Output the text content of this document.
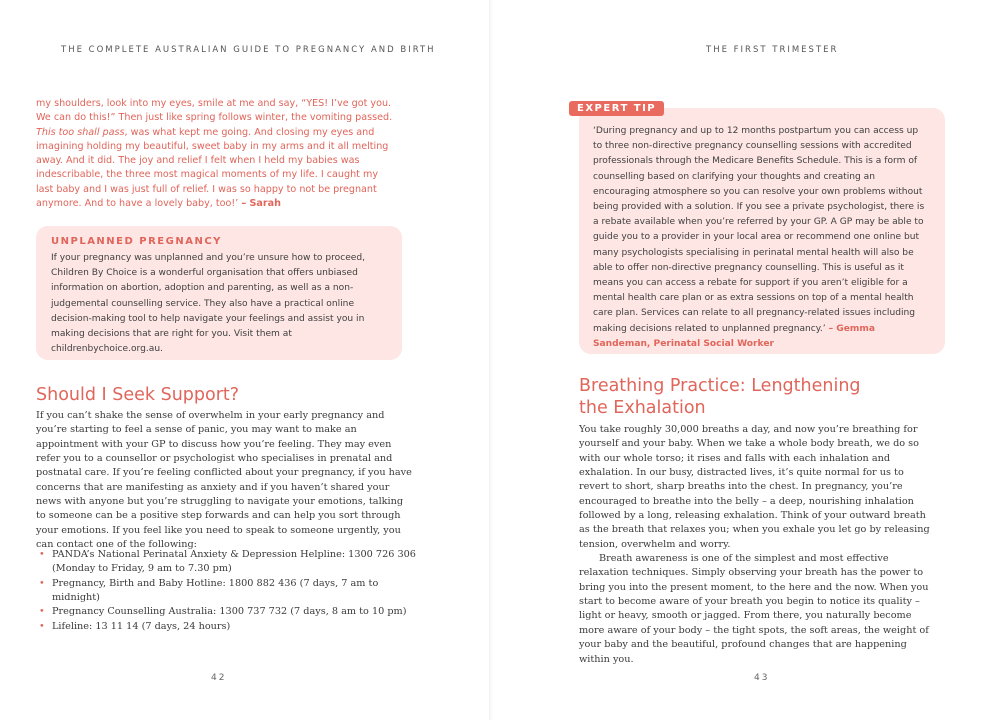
THE COMPLETE AUSTRALIAN GUIDE TO PREGNANCY AND BIRTH

my shoulders, look into my eyes, smile at me and say, “YES! I’ve got you. We can do this!” Then just like spring follows winter, the vomiting passed. This too shall pass, was what kept me going. And closing my eyes and imagining holding my beautiful, sweet baby in my arms and it all melting away. And it did. The joy and relief I felt when I held my babies was indescribable, the three most magical moments of my life. I caught my last baby and I was just full of relief. I was so happy to not be pregnant anymore. And to have a lovely baby, too!’ – Sarah

UNPLANNED PREGNANCY

If your pregnancy was unplanned and you’re unsure how to proceed, Children By Choice is a wonderful organisation that offers unbiased information on abortion, adoption and parenting, as well as a non-judgemental counselling service. They also have a practical online decision-making tool to help navigate your feelings and assist you in making decisions that are right for you. Visit them at childrenbychoice.org.au.

Should I Seek Support?

If you can’t shake the sense of overwhelm in your early pregnancy and you’re starting to feel a sense of panic, you may want to make an appointment with your GP to discuss how you’re feeling. They may even refer you to a counsellor or psychologist who specialises in prenatal and postnatal care. If you’re feeling conflicted about your pregnancy, if you have concerns that are manifesting as anxiety and if you haven’t shared your news with anyone but you’re struggling to navigate your emotions, talking to someone can be a positive step forwards and can help you sort through your emotions. If you feel like you need to speak to someone urgently, you can contact one of the following:

• PANDA’s National Perinatal Anxiety & Depression Helpline: 1300 726 306 (Monday to Friday, 9 am to 7.30 pm)
• Pregnancy, Birth and Baby Hotline: 1800 882 436 (7 days, 7 am to midnight)
• Pregnancy Counselling Australia: 1300 737 732 (7 days, 8 am to 10 pm)
• Lifeline: 13 11 14 (7 days, 24 hours)
42
THE FIRST TRIMESTER

‘During pregnancy and up to 12 months postpartum you can access up to three non-directive pregnancy counselling sessions with accredited professionals through the Medicare Benefits Schedule. This is a form of counselling based on clarifying your thoughts and creating an encouraging atmosphere so you can resolve your own problems without being provided with a solution. If you see a private psychologist, there is a rebate available when you’re referred by your GP. A GP may be able to guide you to a provider in your local area or recommend one online but many psychologists specialising in perinatal mental health will also be able to offer non-directive pregnancy counselling. This is useful as it means you can access a rebate for support if you aren’t eligible for a mental health care plan or as extra sessions on top of a mental health care plan. Services can relate to all pregnancy-related issues including making decisions related to unplanned pregnancy.’ – Gemma Sandeman, Perinatal Social Worker

EXPERT TIP
Breathing Practice: Lengthening the Exhalation

You take roughly 30,000 breaths a day, and now you’re breathing for yourself and your baby. When we take a whole body breath, we do so with our whole torso; it rises and falls with each inhalation and exhalation. In our busy, distracted lives, it’s quite normal for us to revert to short, sharp breaths into the chest. In pregnancy, you’re encouraged to breathe into the belly – a deep, nourishing inhalation followed by a long, releasing exhalation. Think of your outward breath as the breath that relaxes you; when you exhale you let go by releasing tension, overwhelm and worry.

Breath awareness is one of the simplest and most effective relaxation techniques. Simply observing your breath has the power to bring you into the present moment, to the here and the now. When you start to become aware of your breath you begin to notice its quality – light or heavy, smooth or jagged. From there, you naturally become more aware of your body – the tight spots, the soft areas, the weight of your baby and the beautiful, profound changes that are happening within you.

43
